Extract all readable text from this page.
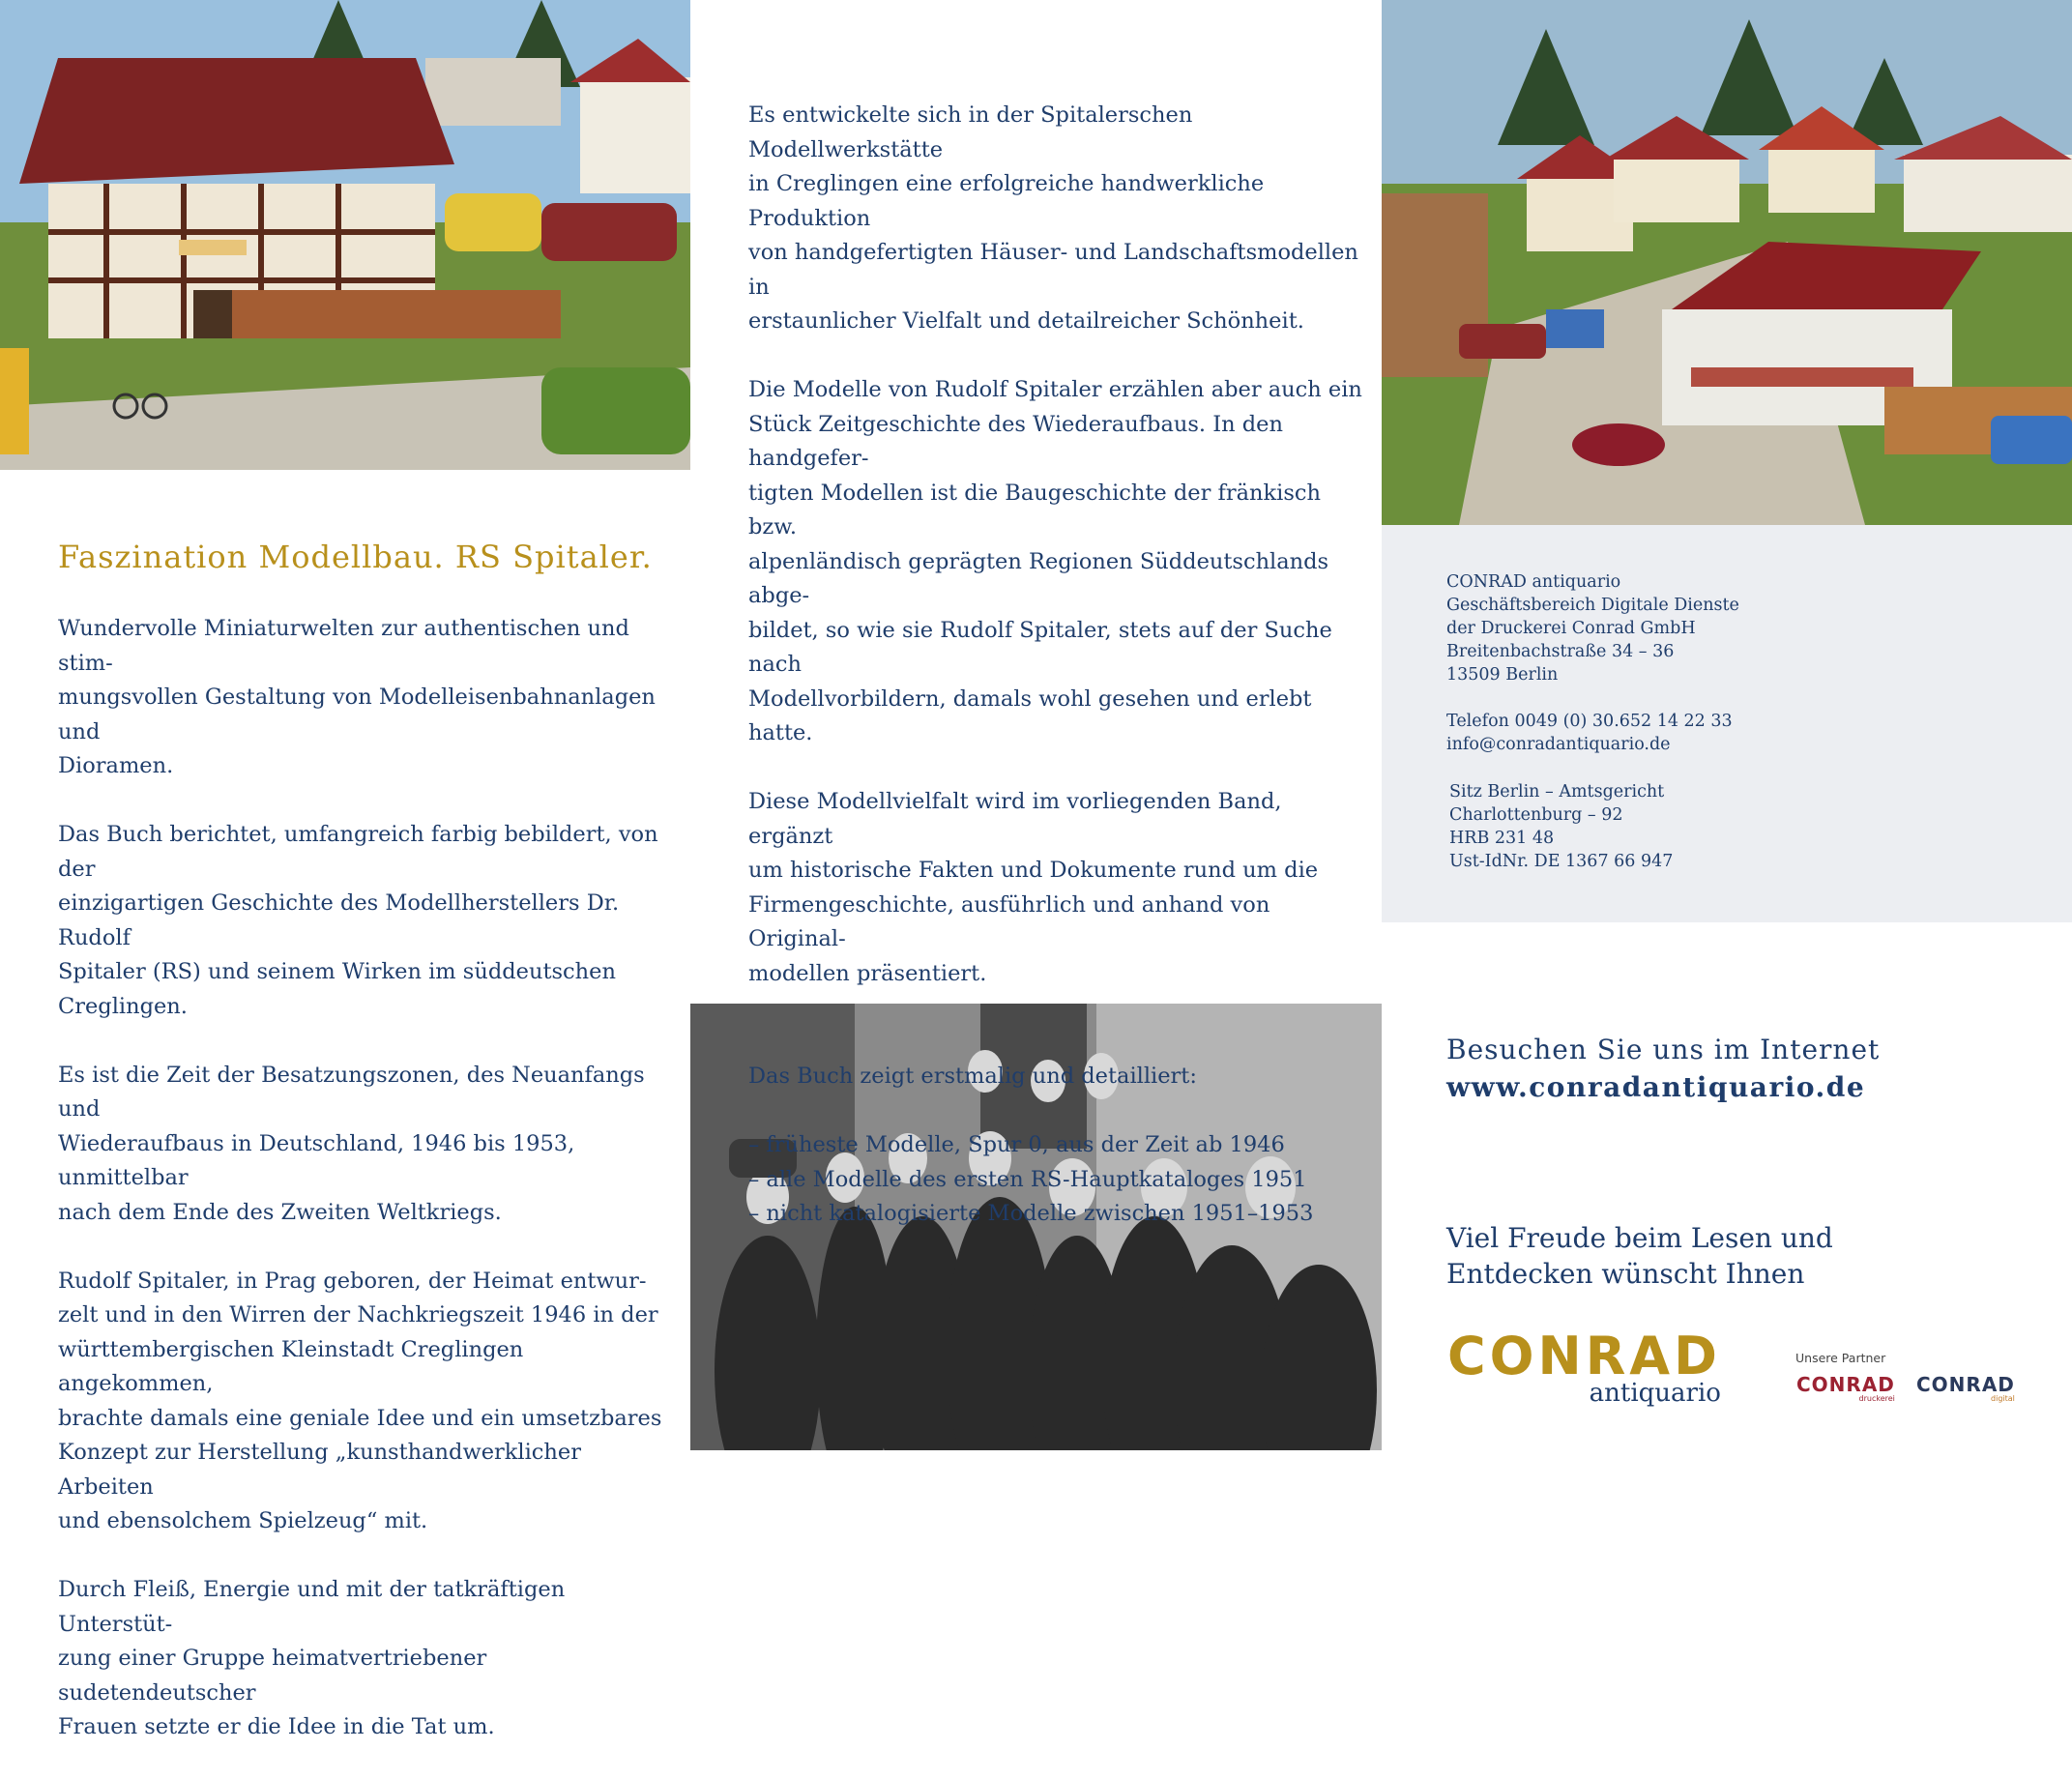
Faszination Modellbau. RS Spitaler.

Wundervolle Miniaturwelten zur authentischen und stim-
mungsvollen Gestaltung von Modelleisenbahnanlagen und
Dioramen.

Das Buch berichtet, umfangreich farbig bebildert, von der
einzigartigen Geschichte des Modellherstellers Dr. Rudolf
Spitaler (RS) und seinem Wirken im süddeutschen Creglingen.

Es ist die Zeit der Besatzungszonen, des Neuanfangs und
Wiederaufbaus in Deutschland, 1946 bis 1953, unmittelbar
nach dem Ende des Zweiten Weltkriegs.

Rudolf Spitaler, in Prag geboren, der Heimat entwur-
zelt und in den Wirren der Nachkriegszeit 1946 in der
württembergischen Kleinstadt Creglingen angekommen,
brachte damals eine geniale Idee und ein umsetzbares
Konzept zur Herstellung „kunsthandwerklicher Arbeiten
und ebensolchem Spielzeug“ mit.

Durch Fleiß, Energie und mit der tatkräftigen Unterstüt-
zung einer Gruppe heimatvertriebener sudetendeutscher
Frauen setzte er die Idee in die Tat um.

Es entwickelte sich in der Spitalerschen Modellwerkstätte
in Creglingen eine erfolgreiche handwerkliche Produktion
von handgefertigten Häuser- und Landschaftsmodellen in
erstaunlicher Vielfalt und detailreicher Schönheit.

Die Modelle von Rudolf Spitaler erzählen aber auch ein
Stück Zeitgeschichte des Wiederaufbaus. In den handgefer-
tigten Modellen ist die Baugeschichte der fränkisch bzw.
alpenländisch geprägten Regionen Süddeutschlands abge-
bildet, so wie sie Rudolf Spitaler, stets auf der Suche nach
Modellvorbildern, damals wohl gesehen und erlebt hatte.

Diese Modellvielfalt wird im vorliegenden Band, ergänzt
um historische Fakten und Dokumente rund um die
Firmengeschichte, ausführlich und anhand von Original-
modellen präsentiert.

Das Buch zeigt erstmalig und detailliert:

– früheste Modelle, Spur 0, aus der Zeit ab 1946
– alle Modelle des ersten RS-Hauptkataloges 1951
– nicht katalogisierte Modelle zwischen 1951–1953
CONRAD antiquario
Geschäftsbereich Digitale Dienste
der Druckerei Conrad GmbH
Breitenbachstraße 34 – 36
13509 Berlin
Telefon 0049 (0) 30.652 14 22 33
info@conradantiquario.de
Sitz Berlin – Amtsgericht
Charlottenburg – 92
HRB 231 48
Ust-IdNr. DE 1367 66 947
Besuchen Sie uns im Internet
www.conradantiquario.de
Viel Freude beim Lesen und
Entdecken wünscht Ihnen
CONRAD
antiquario
Unsere Partner
CONRAD
druckerei
CONRAD
digital
